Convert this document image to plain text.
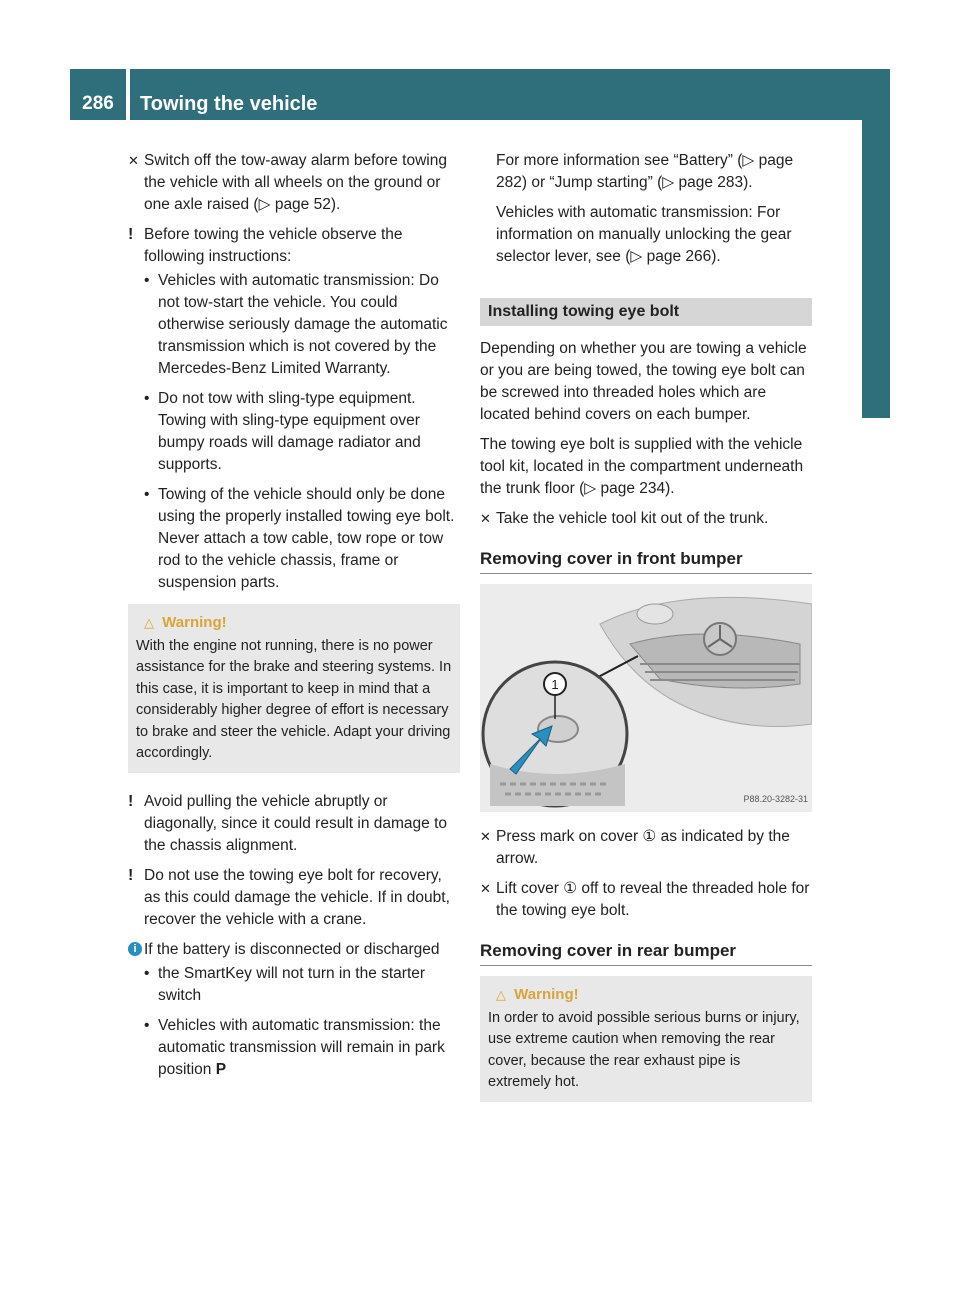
286	Towing the vehicle
Practical hints
✕ Switch off the tow-away alarm before towing the vehicle with all wheels on the ground or one axle raised (▷ page 52).
! Before towing the vehicle observe the following instructions:
• Vehicles with automatic transmission: Do not tow-start the vehicle. You could otherwise seriously damage the automatic transmission which is not covered by the Mercedes-Benz Limited Warranty.
• Do not tow with sling-type equipment. Towing with sling-type equipment over bumpy roads will damage radiator and supports.
• Towing of the vehicle should only be done using the properly installed towing eye bolt. Never attach a tow cable, tow rope or tow rod to the vehicle chassis, frame or suspension parts.
△ Warning!
With the engine not running, there is no power assistance for the brake and steering systems. In this case, it is important to keep in mind that a considerably higher degree of effort is necessary to brake and steer the vehicle. Adapt your driving accordingly.
! Avoid pulling the vehicle abruptly or diagonally, since it could result in damage to the chassis alignment.
! Do not use the towing eye bolt for recovery, as this could damage the vehicle. If in doubt, recover the vehicle with a crane.
i If the battery is disconnected or discharged
• the SmartKey will not turn in the starter switch
• Vehicles with automatic transmission: the automatic transmission will remain in park position P

For more information see “Battery” (▷ page 282) or “Jump starting” (▷ page 283).

Vehicles with automatic transmission: For information on manually unlocking the gear selector lever, see (▷ page 266).

Installing towing eye bolt

Depending on whether you are towing a vehicle or you are being towed, the towing eye bolt can be screwed into threaded holes which are located behind covers on each bumper.

The towing eye bolt is supplied with the vehicle tool kit, located in the compartment underneath the trunk floor (▷ page 234).

✕ Take the vehicle tool kit out of the trunk.
Removing cover in front bumper
1
P88.20-3282-31
✕ Press mark on cover ① as indicated by the arrow.
✕ Lift cover ① off to reveal the threaded hole for the towing eye bolt.
Removing cover in rear bumper
△ Warning!
In order to avoid possible serious burns or injury, use extreme caution when removing the rear cover, because the rear exhaust pipe is extremely hot.
